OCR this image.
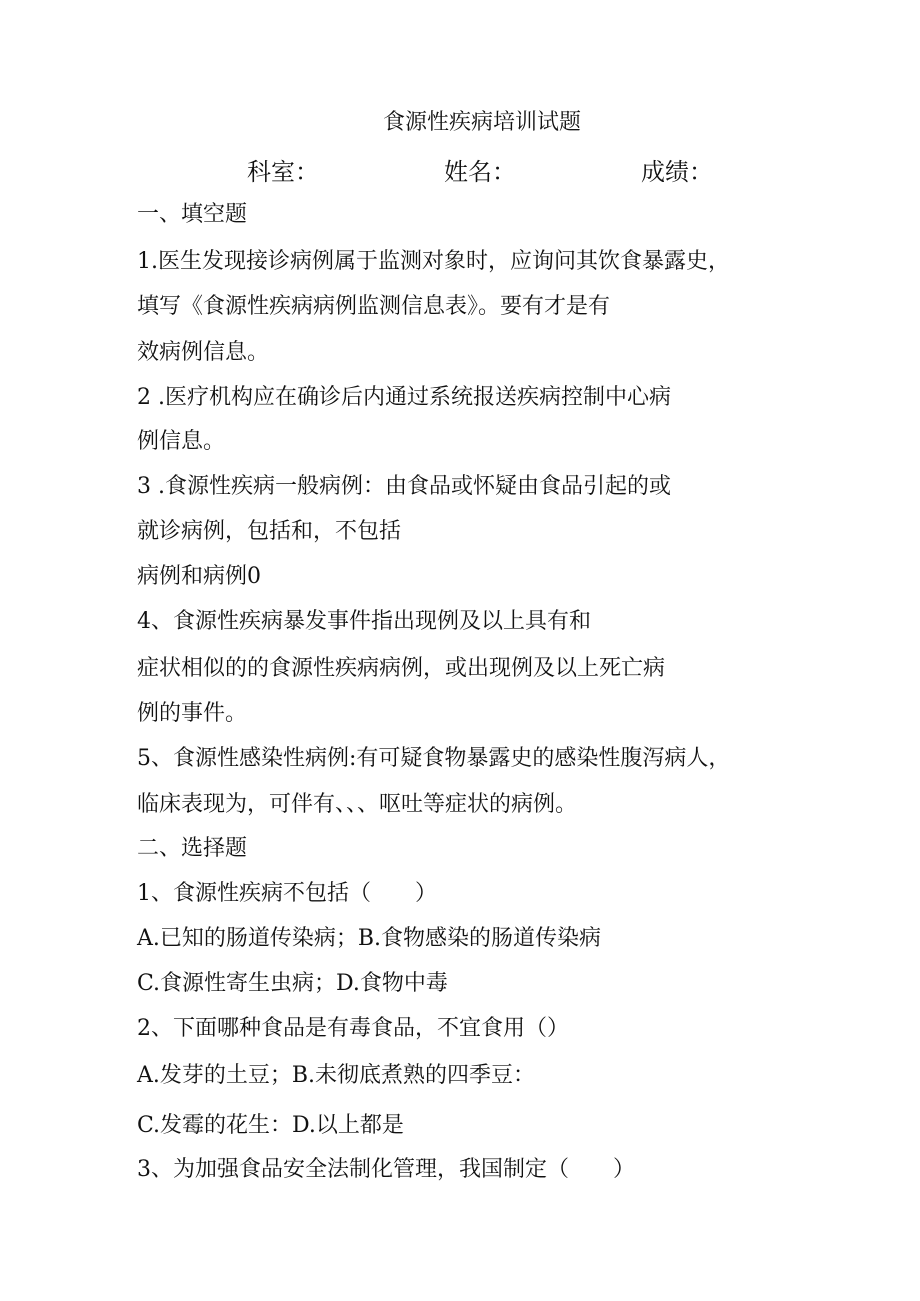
食源性疾病培训试题
科室：	姓名：	成绩：
一、填空题
1.医生发现接诊病例属于监测对象时，应询问其饮食暴露史，
填写《食源性疾病病例监测信息表》。要有才是有
效病例信息。
2 .医疗机构应在确诊后内通过系统报送疾病控制中心病
例信息。
3 .食源性疾病一般病例：由食品或怀疑由食品引起的或
就诊病例，包括和，不包括
病例和病例0
4、食源性疾病暴发事件指出现例及以上具有和
症状相似的的食源性疾病病例，或出现例及以上死亡病
例的事件。
5、食源性感染性病例:有可疑食物暴露史的感染性腹泻病人，
临床表现为，可伴有、、、呕吐等症状的病例。
二、选择题
1、食源性疾病不包括（　　）
A.已知的肠道传染病；B.食物感染的肠道传染病
C.食源性寄生虫病；D.食物中毒
2、下面哪种食品是有毒食品，不宜食用（）
A.发芽的土豆；B.未彻底煮熟的四季豆：
C.发霉的花生：D.以上都是
3、为加强食品安全法制化管理，我国制定（　　）
